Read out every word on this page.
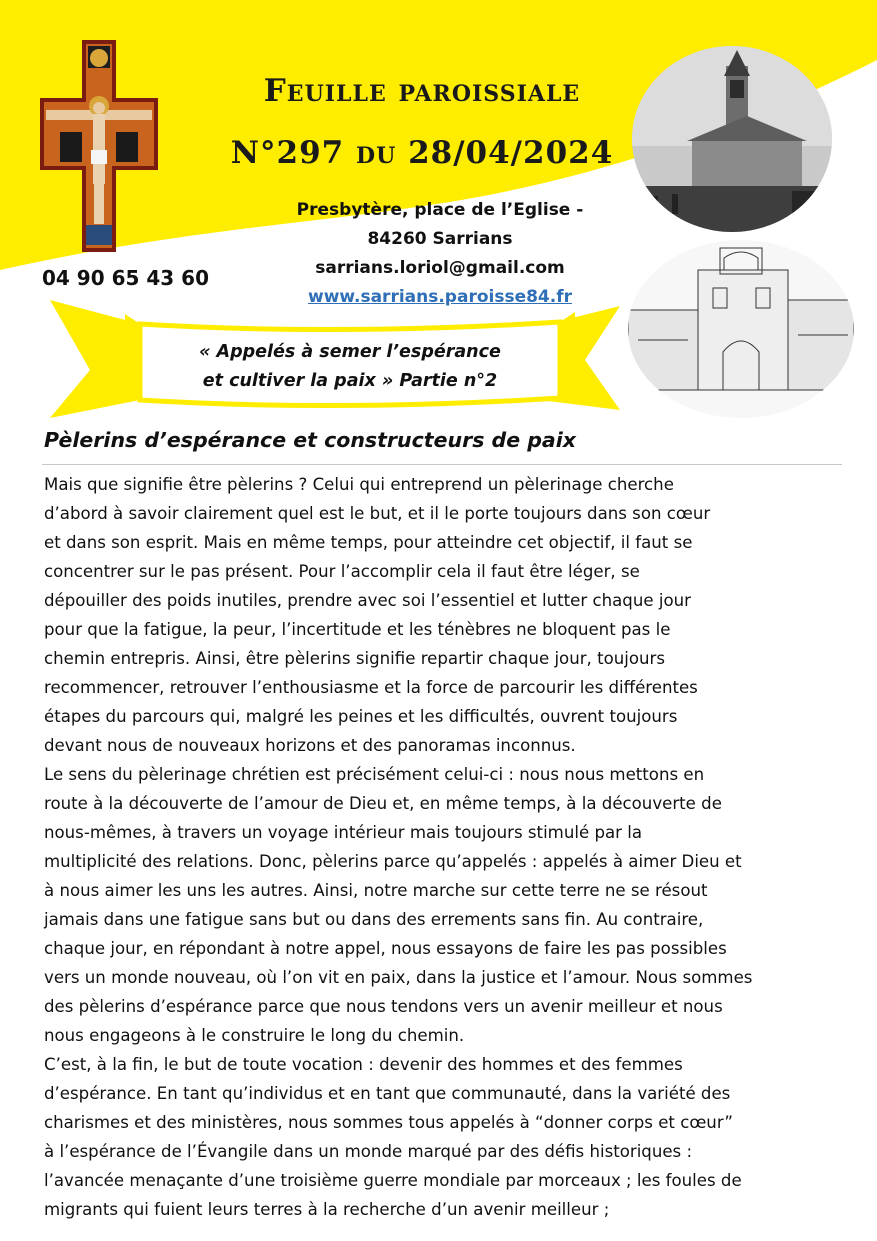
Feuille paroissiale
N°297 du 28/04/2024
Presbytère, place de l’Eglise -
84260 Sarrians
sarrians.loriol@gmail.com
www.sarrians.paroisse84.fr
04 90 65 43 60
« Appelés à semer l’espérance
et cultiver la paix » Partie n°2
Pèlerins d’espérance et constructeurs de paix
Mais que signifie être pèlerins ? Celui qui entreprend un pèlerinage cherche
d’abord à savoir clairement quel est le but, et il le porte toujours dans son cœur
et dans son esprit. Mais en même temps, pour atteindre cet objectif, il faut se
concentrer sur le pas présent. Pour l’accomplir cela il faut être léger, se
dépouiller des poids inutiles, prendre avec soi l’essentiel et lutter chaque jour
pour que la fatigue, la peur, l’incertitude et les ténèbres ne bloquent pas le
chemin entrepris. Ainsi, être pèlerins signifie repartir chaque jour, toujours
recommencer, retrouver l’enthousiasme et la force de parcourir les différentes
étapes du parcours qui, malgré les peines et les difficultés, ouvrent toujours
devant nous de nouveaux horizons et des panoramas inconnus.
Le sens du pèlerinage chrétien est précisément celui-ci : nous nous mettons en
route à la découverte de l’amour de Dieu et, en même temps, à la découverte de
nous-mêmes, à travers un voyage intérieur mais toujours stimulé par la
multiplicité des relations. Donc, pèlerins parce qu’appelés : appelés à aimer Dieu et
à nous aimer les uns les autres. Ainsi, notre marche sur cette terre ne se résout
jamais dans une fatigue sans but ou dans des errements sans fin. Au contraire,
chaque jour, en répondant à notre appel, nous essayons de faire les pas possibles
vers un monde nouveau, où l’on vit en paix, dans la justice et l’amour. Nous sommes
des pèlerins d’espérance parce que nous tendons vers un avenir meilleur et nous
nous engageons à le construire le long du chemin.
C’est, à la fin, le but de toute vocation : devenir des hommes et des femmes
d’espérance. En tant qu’individus et en tant que communauté, dans la variété des
charismes et des ministères, nous sommes tous appelés à “donner corps et cœur”
à l’espérance de l’Évangile dans un monde marqué par des défis historiques :
l’avancée menaçante d’une troisième guerre mondiale par morceaux ; les foules de
migrants qui fuient leurs terres à la recherche d’un avenir meilleur ;
